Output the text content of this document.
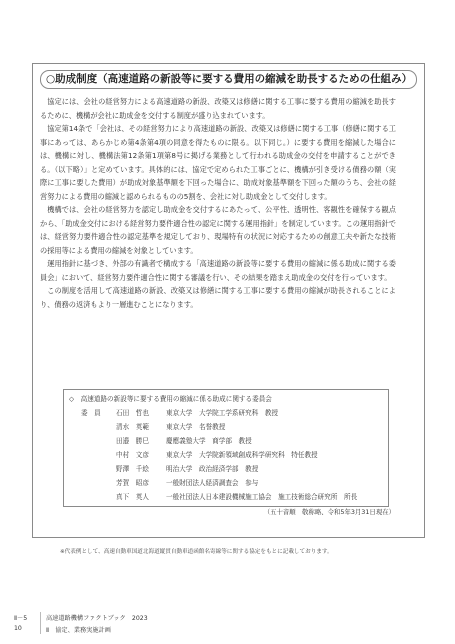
○助成制度（高速道路の新設等に要する費用の縮減を助長するための仕組み）

協定には、会社の経営努力による高速道路の新設、改築又は修繕に関する工事に要する費用の縮減を助長するために、機構が会社に助成金を交付する制度が盛り込まれています。

協定第14条で「会社は、その経営努力により高速道路の新設、改築又は修繕に関する工事（修繕に関する工事にあっては、あらかじめ第4条第4項の同意を得たものに限る。以下同じ。）に要する費用を縮減した場合には、機構に対し、機構法第12条第1項第8号に掲げる業務として行われる助成金の交付を申請することができる。（以下略）」と定めています。具体的には、協定で定められた工事ごとに、機構が引き受ける債務の額（実際に工事に要した費用）が助成対象基準額を下回った場合に、助成対象基準額を下回った額のうち、会社の経営努力による費用の縮減と認められるものの5割を、会社に対し助成金として交付します。

機構では、会社の経営努力を認定し助成金を交付するにあたって、公平性、透明性、客観性を確保する観点から、「助成金交付における経営努力要件適合性の認定に関する運用指針」を制定しています。この運用指針では、経営努力要件適合性の認定基準を規定しており、現場特有の状況に対応するための創意工夫や新たな技術の採用等による費用の縮減を対象としています。

運用指針に基づき、外部の有識者で構成する「高速道路の新設等に要する費用の縮減に係る助成に関する委員会」において、経営努力要件適合性に関する審議を行い、その結果を踏まえ助成金の交付を行っています。

この制度を活用して高速道路の新設、改築又は修繕に関する工事に要する費用の縮減が助長されることにより、債務の返済もより一層進むことになります。

◇　高速道路の新設等に要する費用の縮減に係る助成に関する委員会
委　員 石田　哲也	東京大学　大学院工学系研究科　教授
清水　英範	東京大学　名誉教授
田邉　勝巳	慶應義塾大学　商学部　教授
中村　文彦	東京大学　大学院新領域創成科学研究科　特任教授
野澤　千絵	明治大学　政治経済学部　教授
芳賀　昭彦	一般財団法人経済調査会　参与
真下　英人	一般社団法人日本建設機械施工協会　施工技術総合研究所　所長
（五十音順　敬称略、令和5年3月31日現在）
※代表例として、高速自動車国道北海道縦貫自動車道函館名寄線等に関する協定をもとに記載しております。
Ⅱ－5
10
高速道路機構ファクトブック　2023
Ⅱ　協定、業務実施計画
